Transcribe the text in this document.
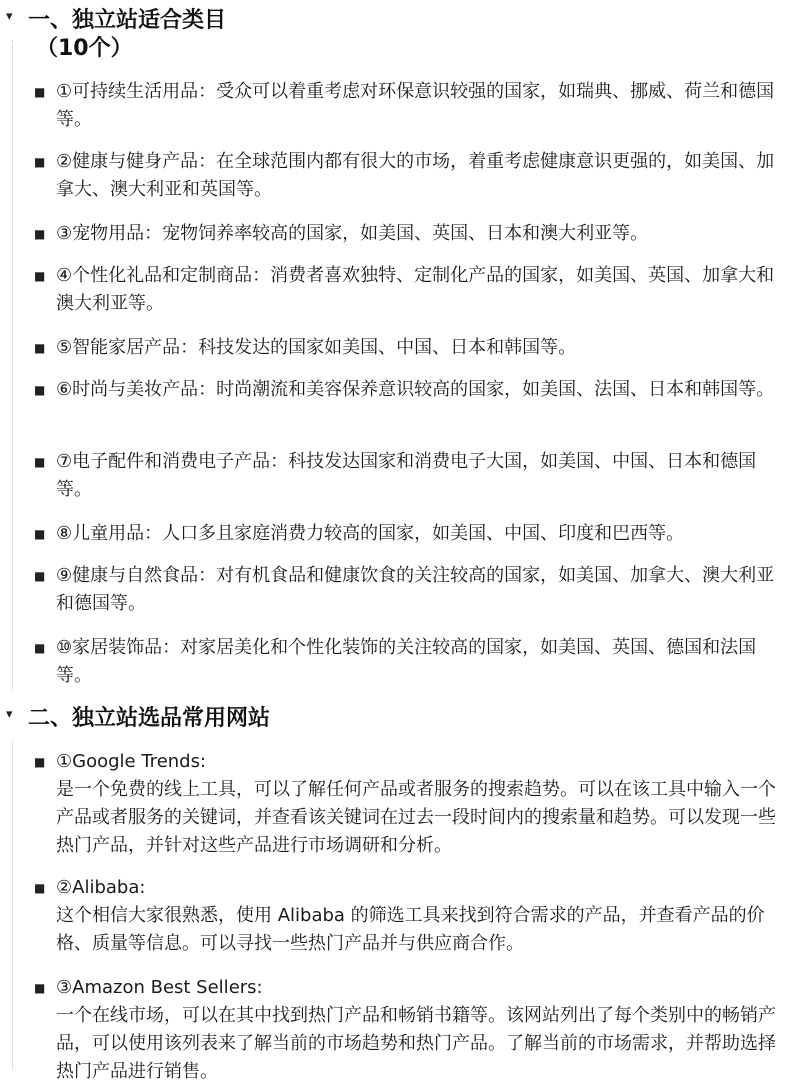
▾ 一、独立站适合类目
（10个）
■ ①可持续生活用品：受众可以着重考虑对环保意识较强的国家，如瑞典、挪威、荷兰和德国等。
■ ②健康与健身产品：在全球范围内都有很大的市场，着重考虑健康意识更强的，如美国、加拿大、澳大利亚和英国等。
■ ③宠物用品：宠物饲养率较高的国家，如美国、英国、日本和澳大利亚等。
■ ④个性化礼品和定制商品：消费者喜欢独特、定制化产品的国家，如美国、英国、加拿大和澳大利亚等。
■ ⑤智能家居产品：科技发达的国家如美国、中国、日本和韩国等。
■ ⑥时尚与美妆产品：时尚潮流和美容保养意识较高的国家，如美国、法国、日本和韩国等。
■ ⑦电子配件和消费电子产品：科技发达国家和消费电子大国，如美国、中国、日本和德国等。
■ ⑧儿童用品：人口多且家庭消费力较高的国家，如美国、中国、印度和巴西等。
■ ⑨健康与自然食品：对有机食品和健康饮食的关注较高的国家，如美国、加拿大、澳大利亚和德国等。
■ ⑩家居装饰品：对家居美化和个性化装饰的关注较高的国家，如美国、英国、德国和法国等。
▾ 二、独立站选品常用网站
■ ①Google Trends:
是一个免费的线上工具，可以了解任何产品或者服务的搜索趋势。可以在该工具中输入一个产品或者服务的关键词，并查看该关键词在过去一段时间内的搜索量和趋势。可以发现一些热门产品，并针对这些产品进行市场调研和分析。
■ ②Alibaba:
这个相信大家很熟悉，使用 Alibaba 的筛选工具来找到符合需求的产品，并查看产品的价格、质量等信息。可以寻找一些热门产品并与供应商合作。
■ ③Amazon Best Sellers:
一个在线市场，可以在其中找到热门产品和畅销书籍等。该网站列出了每个类别中的畅销产品，可以使用该列表来了解当前的市场趋势和热门产品。了解当前的市场需求，并帮助选择热门产品进行销售。
